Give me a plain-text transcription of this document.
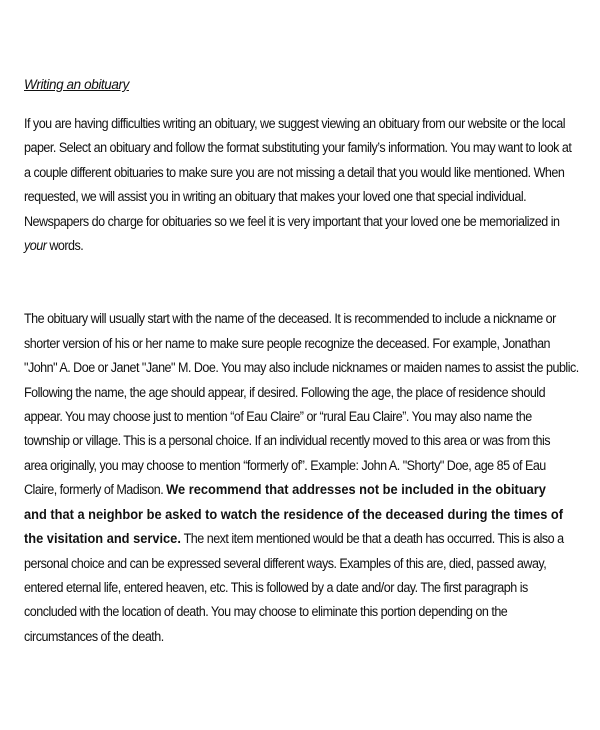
Writing an obituary
If you are having difficulties writing an obituary, we suggest viewing an obituary from our website or the local
paper. Select an obituary and follow the format substituting your family’s information. You may want to look at
a couple different obituaries to make sure you are not missing a detail that you would like mentioned. When
requested, we will assist you in writing an obituary that makes your loved one that special individual.
Newspapers do charge for obituaries so we feel it is very important that your loved one be memorialized in
your words.
The obituary will usually start with the name of the deceased. It is recommended to include a nickname or
shorter version of his or her name to make sure people recognize the deceased. For example, Jonathan
"John" A. Doe or Janet "Jane" M. Doe. You may also include nicknames or maiden names to assist the public.
Following the name, the age should appear, if desired. Following the age, the place of residence should
appear. You may choose just to mention “of Eau Claire” or “rural Eau Claire”. You may also name the
township or village. This is a personal choice. If an individual recently moved to this area or was from this
area originally, you may choose to mention “formerly of”. Example: John A. "Shorty" Doe, age 85 of Eau
Claire, formerly of Madison. We recommend that addresses not be included in the obituary
and that a neighbor be asked to watch the residence of the deceased during the times of
the visitation and service. The next item mentioned would be that a death has occurred. This is also a
personal choice and can be expressed several different ways. Examples of this are, died, passed away,
entered eternal life, entered heaven, etc. This is followed by a date and/or day. The first paragraph is
concluded with the location of death. You may choose to eliminate this portion depending on the
circumstances of the death.
